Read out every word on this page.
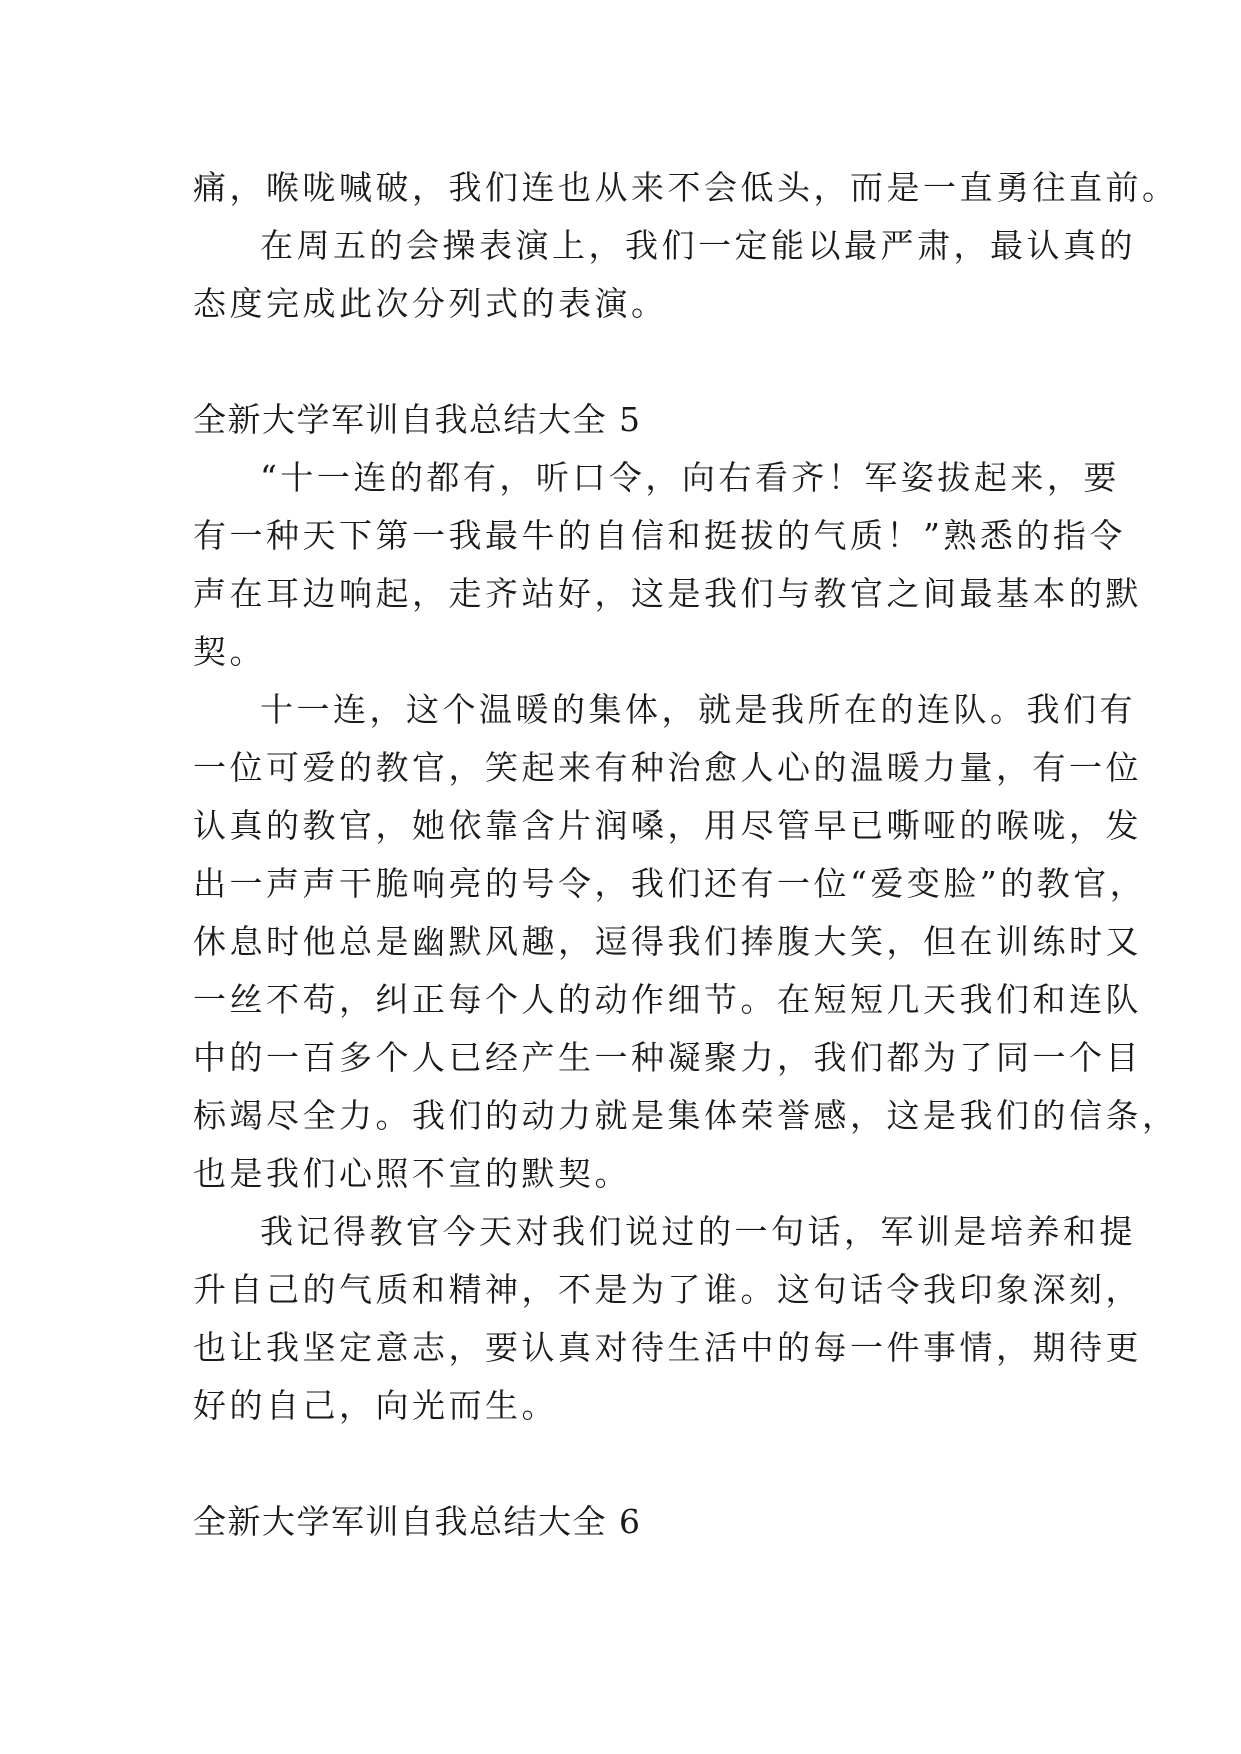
痛，喉咙喊破，我们连也从来不会低头，而是一直勇往直前。
在周五的会操表演上，我们一定能以最严肃，最认真的
态度完成此次分列式的表演。
全新大学军训自我总结大全 5
“十一连的都有，听口令，向右看齐！军姿拔起来，要
有一种天下第一我最牛的自信和挺拔的气质！”熟悉的指令
声在耳边响起，走齐站好，这是我们与教官之间最基本的默
契。
十一连，这个温暖的集体，就是我所在的连队。我们有
一位可爱的教官，笑起来有种治愈人心的温暖力量，有一位
认真的教官，她依靠含片润嗓，用尽管早已嘶哑的喉咙，发
出一声声干脆响亮的号令，我们还有一位“爱变脸”的教官，
休息时他总是幽默风趣，逗得我们捧腹大笑，但在训练时又
一丝不苟，纠正每个人的动作细节。在短短几天我们和连队
中的一百多个人已经产生一种凝聚力，我们都为了同一个目
标竭尽全力。我们的动力就是集体荣誉感，这是我们的信条，
也是我们心照不宣的默契。
我记得教官今天对我们说过的一句话，军训是培养和提
升自己的气质和精神，不是为了谁。这句话令我印象深刻，
也让我坚定意志，要认真对待生活中的每一件事情，期待更
好的自己，向光而生。
全新大学军训自我总结大全 6
